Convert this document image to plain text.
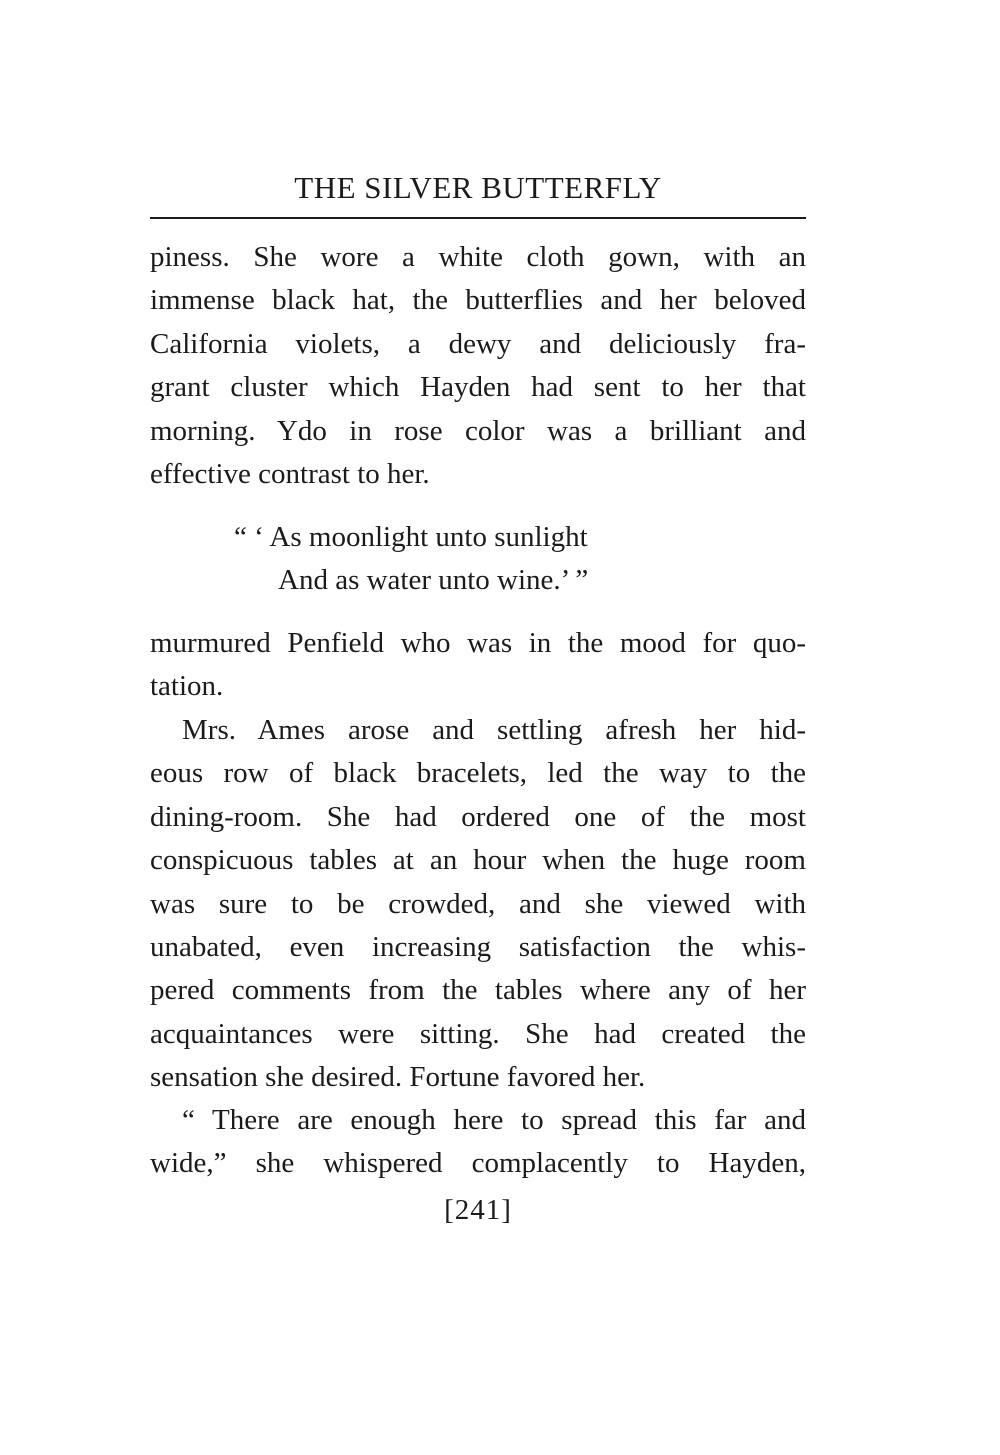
THE SILVER BUTTERFLY

piness. She wore a white cloth gown, with an
immense black hat, the butterflies and her beloved
California violets, a dewy and deliciously fra-
grant cluster which Hayden had sent to her that
morning. Ydo in rose color was a brilliant and
effective contrast to her.

“ ‘ As moonlight unto sunlight
And as water unto wine.’ ”

murmured Penfield who was in the mood for quo-
tation.

Mrs. Ames arose and settling afresh her hid-
eous row of black bracelets, led the way to the
dining-room. She had ordered one of the most
conspicuous tables at an hour when the huge room
was sure to be crowded, and she viewed with
unabated, even increasing satisfaction the whis-
pered comments from the tables where any of her
acquaintances were sitting. She had created the
sensation she desired. Fortune favored her.

“ There are enough here to spread this far and
wide,” she whispered complacently to Hayden,

[241]
